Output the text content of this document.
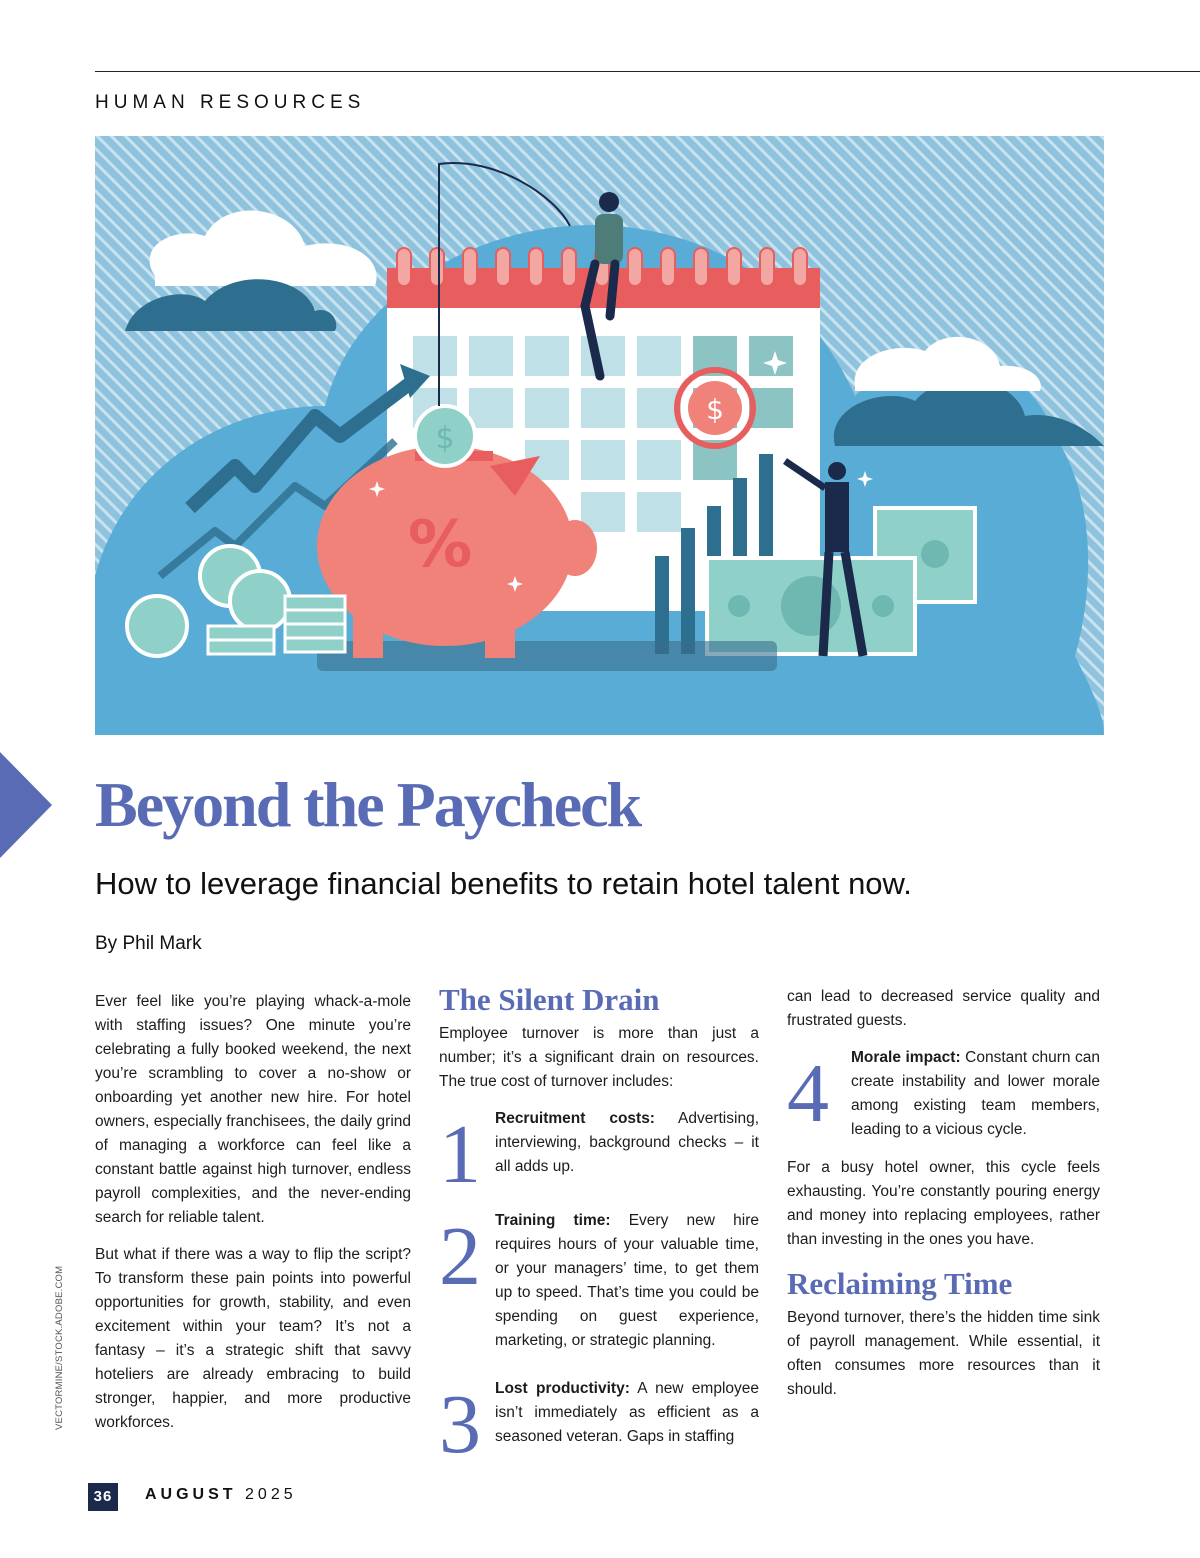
HUMAN RESOURCES
$
%
$
Beyond the Paycheck
How to leverage financial benefits to retain hotel talent now.
By Phil Mark

Ever feel like you’re playing whack-a-mole with staffing issues? One minute you’re celebrating a fully booked weekend, the next you’re scrambling to cover a no-show or onboarding yet another new hire. For hotel owners, especially franchisees, the daily grind of managing a workforce can feel like a constant battle against high turnover, endless payroll complexities, and the never-ending search for reliable talent.

But what if there was a way to flip the script? To transform these pain points into powerful opportunities for growth, stability, and even excitement within your team? It’s not a fantasy – it’s a strategic shift that savvy hoteliers are already embracing to build stronger, happier, and more productive workforces.

The Silent Drain

Employee turnover is more than just a number; it’s a significant drain on resources. The true cost of turnover includes:

1 Recruitment costs: Advertising, interviewing, background checks – it all adds up.
2 Training time: Every new hire requires hours of your valuable time, or your managers’ time, to get them up to speed. That’s time you could be spending on guest experience, marketing, or strategic planning.
3 Lost productivity: A new employee isn’t immediately as efficient as a seasoned veteran. Gaps in staffing

can lead to decreased service quality and frustrated guests.

4	Morale impact: Constant churn can create instability and lower morale among existing team members, leading to a vicious cycle.

For a busy hotel owner, this cycle feels exhausting. You’re constantly pouring energy and money into replacing employees, rather than investing in the ones you have.

Reclaiming Time

Beyond turnover, there’s the hidden time sink of payroll management. While essential, it often consumes more resources than it should.

VECTORMINE/STOCK.ADOBE.COM
36	AUGUST 2025
